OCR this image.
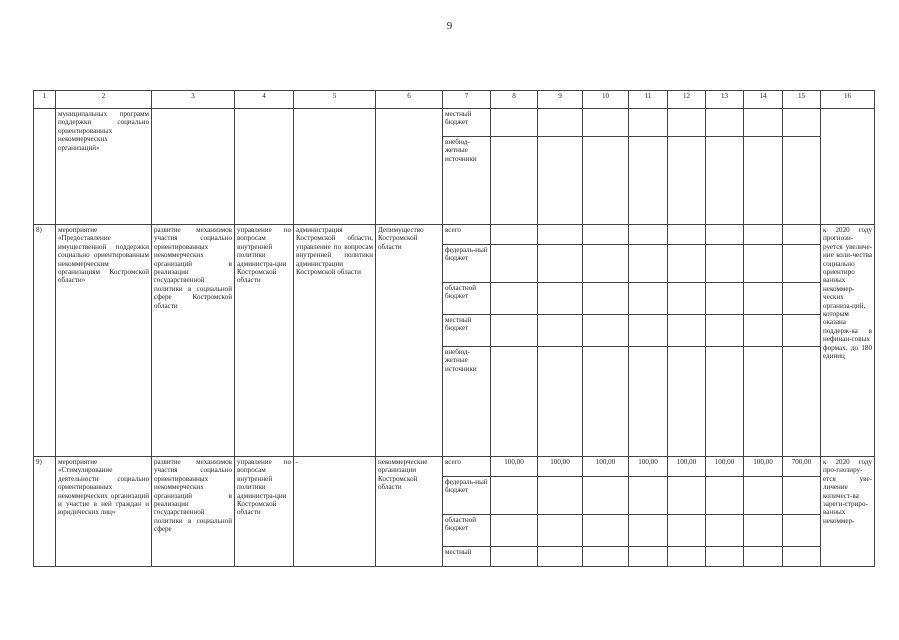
9
1	2	3	4	5	6	7	8	9	10	11	12	13	14	15	16
	муниципальных программ поддержки социально ориентированных некоммерческих организаций»					местный бюджет									
						внебюд-жетные источники									
8)	мероприятие «Предоставление имущественной поддержки социально ориентированным некоммерческим организациям Костромской области»	развитие механизмов участия социально ориентированных некоммерческих организаций в реализации государственной политики в социальной сфере Костромской области	управление по вопросам внутренней политики администра-ции Костромской области	администрация Костромской области, управление по вопросам внутренней политики администрации Костромской области	Депимущество Костромской области	всего									к 2020 году прогнози-руется увеличе-ние коли-чества социально ориентиро ванных некоммер-ческих организа-ций, которым оказана поддерж-ка в нефинан-совых формах, до 180 единиц
						федераль-ный бюджет									
						областной бюджет									
						местный бюджет									
						внебюд-жетные источники									
9)	мероприятие «Стимулирование деятельности социально ориентированных некоммерческих организаций и участие в ней граждан и юридических лиц»	развитие механизмов участия социально ориентированных некоммерческих организаций в реализации государственной политики в социальной сфере	управление по вопросам внутренней политики администра-ции Костромской области	-	некоммерческие организации Костромской области	всего	100,00	100,00	100,00	100,00	100,00	100,00	100,00	700,00	к 2020 году про-гнозиру-ется уве-личение количест-ва зареги-стриро-ванных некоммер-
						федераль-ный бюджет									
						областной бюджет									
						местный									
